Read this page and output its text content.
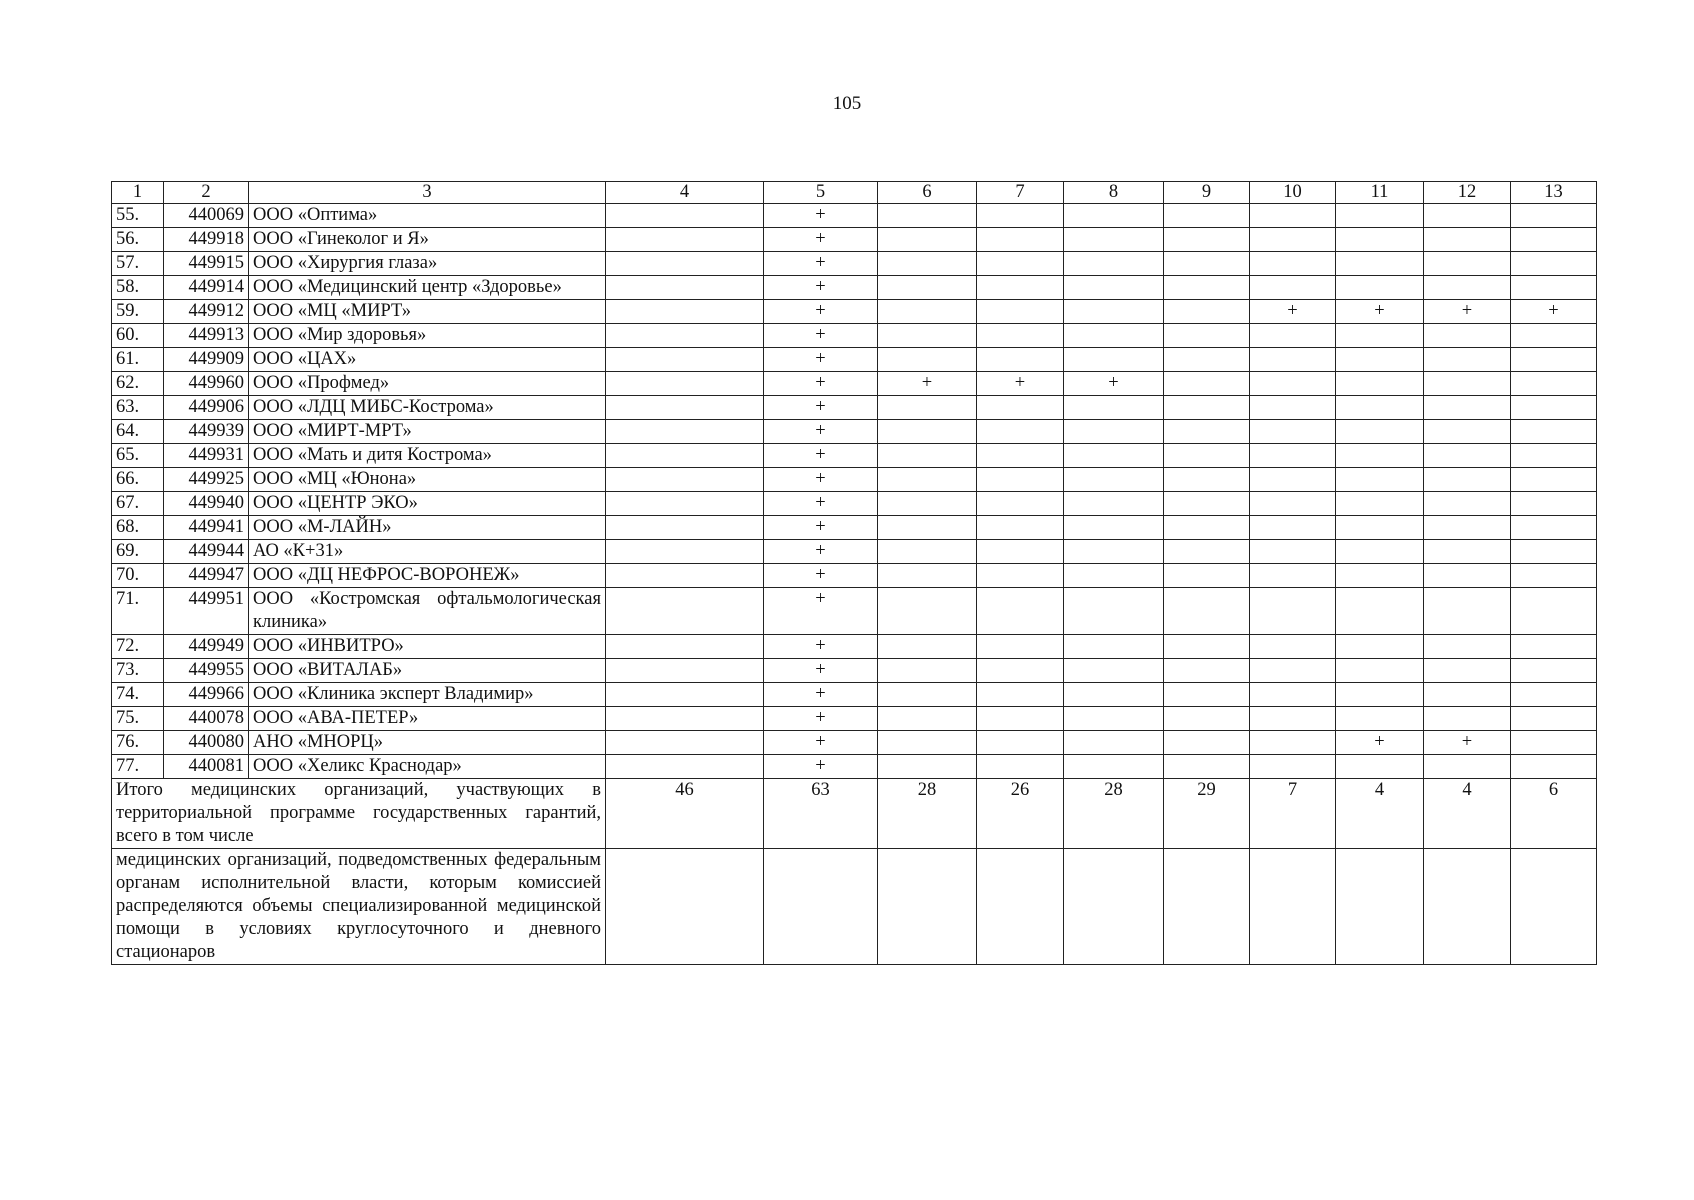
105
1	2	3	4	5	6	7	8	9	10	11	12	13
55.	440069	ООО «Оптима»		+								
56.	449918	ООО «Гинеколог и Я»		+								
57.	449915	ООО «Хирургия глаза»		+								
58.	449914	ООО «Медицинский центр «Здоровье»		+								
59.	449912	ООО «МЦ «МИРТ»		+					+	+	+	+
60.	449913	ООО «Мир здоровья»		+								
61.	449909	ООО «ЦАХ»		+								
62.	449960	ООО «Профмед»		+	+	+	+					
63.	449906	ООО «ЛДЦ МИБС-Кострома»		+								
64.	449939	ООО «МИРТ-МРТ»		+								
65.	449931	ООО «Мать и дитя Кострома»		+								
66.	449925	ООО «МЦ «Юнона»		+								
67.	449940	ООО «ЦЕНТР ЭКО»		+								
68.	449941	ООО «М-ЛАЙН»		+								
69.	449944	АО «К+31»		+								
70.	449947	ООО «ДЦ НЕФРОС-ВОРОНЕЖ»		+								
71.	449951	ООО «Костромская офтальмологическая клиника»		+								
72.	449949	ООО «ИНВИТРО»		+								
73.	449955	ООО «ВИТАЛАБ»		+								
74.	449966	ООО «Клиника эксперт Владимир»		+								
75.	440078	ООО «АВА-ПЕТЕР»		+								
76.	440080	АНО «МНОРЦ»		+						+	+	
77.	440081	ООО «Хеликс Краснодар»		+								
Итого медицинских организаций, участвующих в территориальной программе государственных гарантий, всего в том числе			46	63	28	26	28	29	7	4	4	6
медицинских организаций, подведомственных федеральным органам исполнительной власти, которым комиссией распределяются объемы специализированной медицинской помощи в условиях круглосуточного и дневного стационаров												
